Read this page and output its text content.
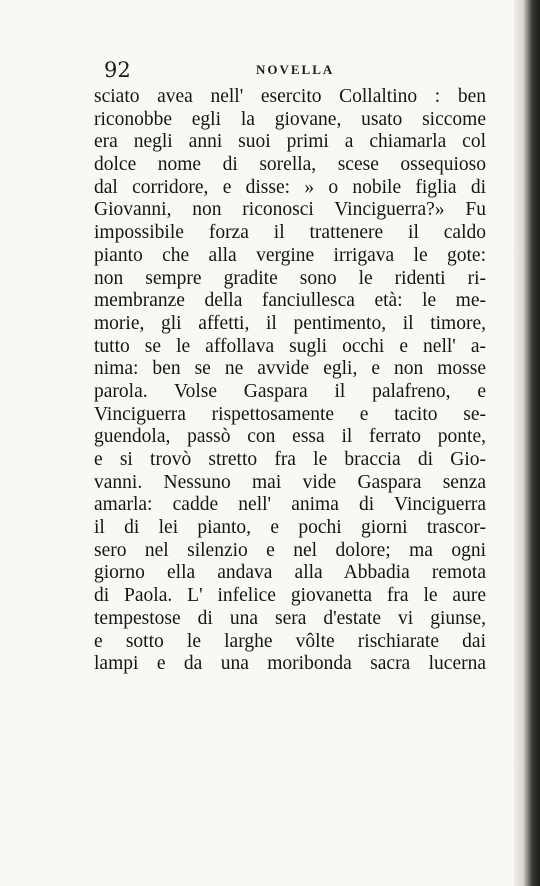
92	NOVELLA
sciato avea nell' esercito Collaltino : ben
riconobbe egli la giovane, usato siccome
era negli anni suoi primi a chiamarla col
dolce nome di sorella, scese ossequioso
dal corridore, e disse: » o nobile figlia di
Giovanni, non riconosci Vinciguerra?» Fu
impossibile forza il trattenere il caldo
pianto che alla vergine irrigava le gote:
non sempre gradite sono le ridenti ri-
membranze della fanciullesca età: le me-
morie, gli affetti, il pentimento, il timore,
tutto se le affollava sugli occhi e nell' a-
nima: ben se ne avvide egli, e non mosse
parola. Volse Gaspara il palafreno, e
Vinciguerra rispettosamente e tacito se-
guendola, passò con essa il ferrato ponte,
e si trovò stretto fra le braccia di Gio-
vanni. Nessuno mai vide Gaspara senza
amarla: cadde nell' anima di Vinciguerra
il di lei pianto, e pochi giorni trascor-
sero nel silenzio e nel dolore; ma ogni
giorno ella andava alla Abbadia remota
di Paola. L' infelice giovanetta fra le aure
tempestose di una sera d'estate vi giunse,
e sotto le larghe vôlte rischiarate dai
lampi e da una moribonda sacra lucerna
